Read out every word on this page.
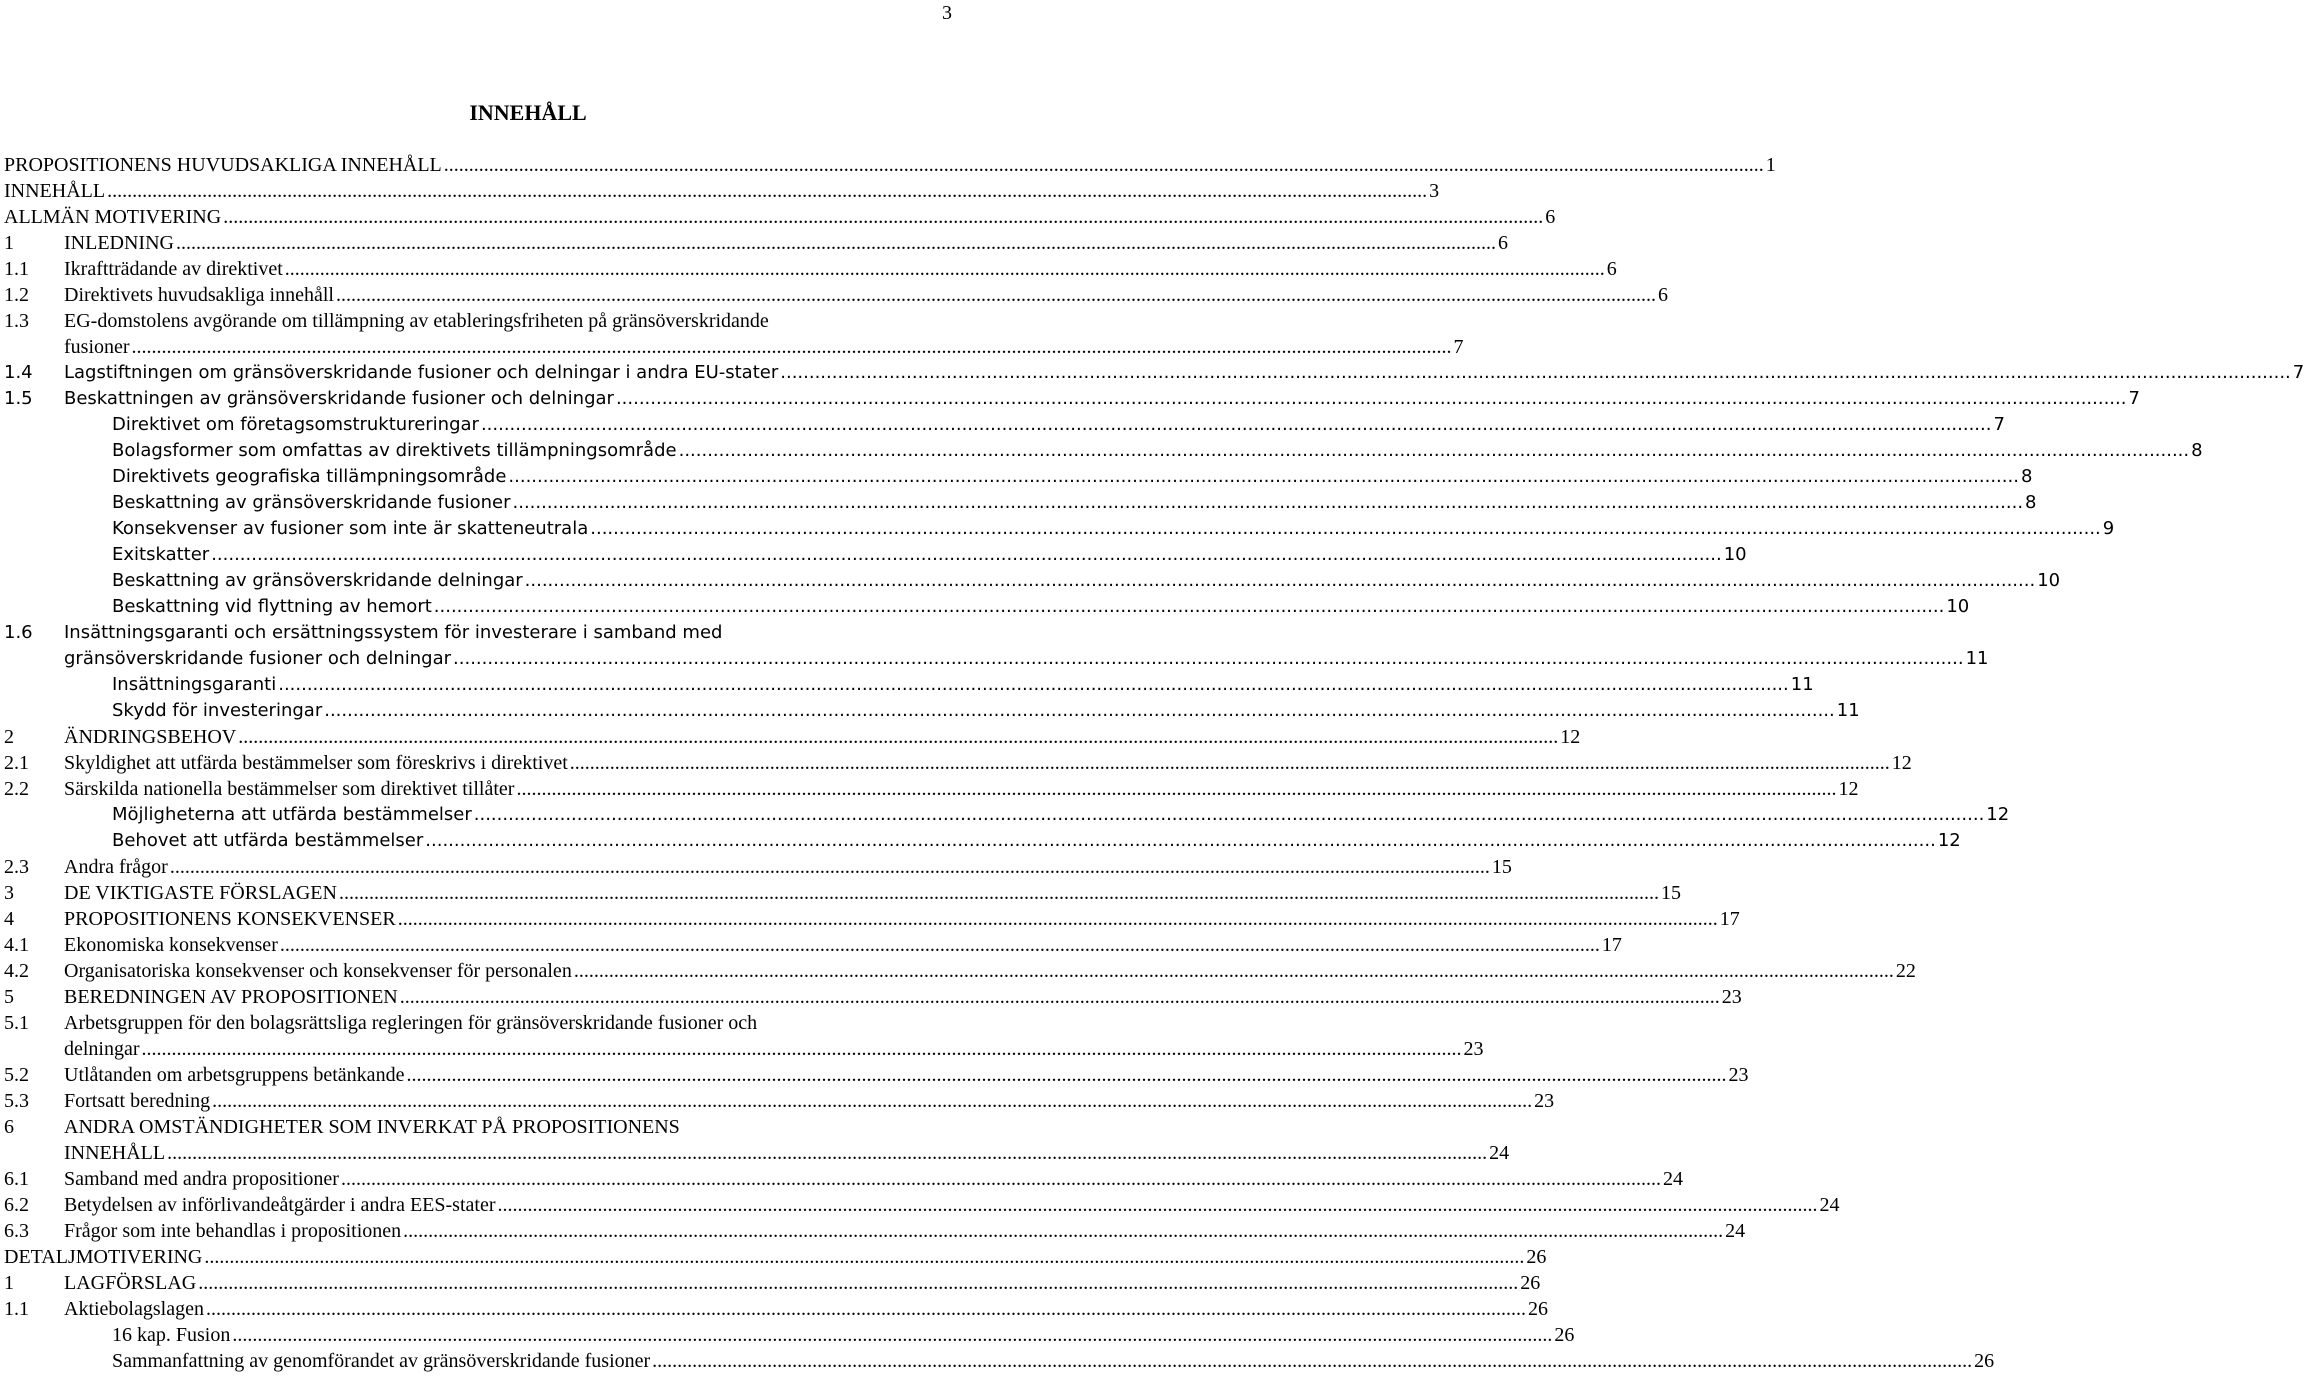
3
INNEHÅLL
PROPOSITIONENS HUVUDSAKLIGA INNEHÅLL .....	1
INNEHÅLL .....	3
ALLMÄN MOTIVERING .....	6
1	INLEDNING .....	6
1.1	Ikraftträdande av direktivet .....	6
1.2	Direktivets huvudsakliga innehåll .....	6
1.3	EG-domstolens avgörande om tillämpning av etableringsfriheten på gränsöverskridande
fusioner .....	7
1.4	Lagstiftningen om gränsöverskridande fusioner och delningar i andra EU-stater .....	7
1.5	Beskattningen av gränsöverskridande fusioner och delningar .....	7
Direktivet om företagsomstruktureringar .....	7
Bolagsformer som omfattas av direktivets tillämpningsområde .....	8
Direktivets geografiska tillämpningsområde .....	8
Beskattning av gränsöverskridande fusioner .....	8
Konsekvenser av fusioner som inte är skatteneutrala .....	9
Exitskatter .....	10
Beskattning av gränsöverskridande delningar .....	10
Beskattning vid flyttning av hemort .....	10
1.6	Insättningsgaranti och ersättningssystem för investerare i samband med
gränsöverskridande fusioner och delningar .....	11
Insättningsgaranti .....	11
Skydd för investeringar .....	11
2	ÄNDRINGSBEHOV .....	12
2.1	Skyldighet att utfärda bestämmelser som föreskrivs i direktivet .....	12
2.2	Särskilda nationella bestämmelser som direktivet tillåter .....	12
Möjligheterna att utfärda bestämmelser .....	12
Behovet att utfärda bestämmelser .....	12
2.3	Andra frågor .....	15
3	DE VIKTIGASTE FÖRSLAGEN .....	15
4	PROPOSITIONENS KONSEKVENSER .....	17
4.1	Ekonomiska konsekvenser .....	17
4.2	Organisatoriska konsekvenser och konsekvenser för personalen .....	22
5	BEREDNINGEN AV PROPOSITIONEN .....	23
5.1	Arbetsgruppen för den bolagsrättsliga regleringen för gränsöverskridande fusioner och
delningar .....	23
5.2	Utlåtanden om arbetsgruppens betänkande .....	23
5.3	Fortsatt beredning .....	23
6	ANDRA OMSTÄNDIGHETER SOM INVERKAT PÅ PROPOSITIONENS
INNEHÅLL .....	24
6.1	Samband med andra propositioner .....	24
6.2	Betydelsen av införlivandeåtgärder i andra EES-stater .....	24
6.3	Frågor som inte behandlas i propositionen .....	24
DETALJMOTIVERING .....	26
1	LAGFÖRSLAG .....	26
1.1	Aktiebolagslagen .....	26
16 kap. Fusion .....	26
Sammanfattning av genomförandet av gränsöverskridande fusioner .....	26
